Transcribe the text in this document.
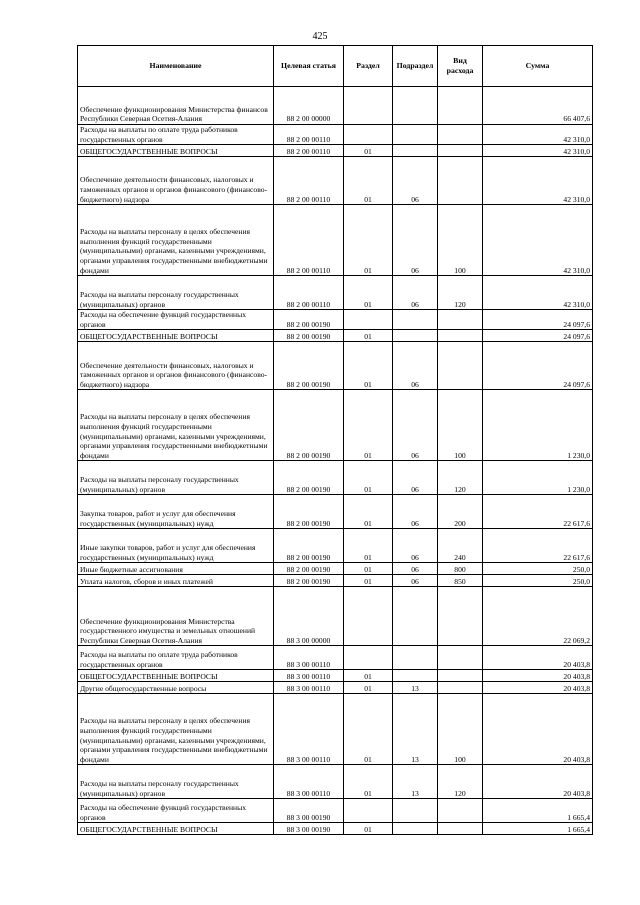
425
Наименование	Целевая статья	Раздел	Подраздел	Вид расхода	Сумма
Обеспечение функционирования Министерства финансов Республики Северная Осетия-Алания	88 2 00 00000				66 407,6
Расходы на выплаты по оплате труда работников государственных органов	88 2 00 00110				42 310,0
ОБЩЕГОСУДАРСТВЕННЫЕ ВОПРОСЫ	88 2 00 00110	01			42 310,0
Обеспечение деятельности финансовых, налоговых и таможенных органов и органов финансового (финансово-бюджетного) надзора	88 2 00 00110	01	06		42 310,0
Расходы на выплаты персоналу в целях обеспечения выполнения функций государственными (муниципальными) органами, казенными учреждениями, органами управления государственными внебюджетными фондами	88 2 00 00110	01	06	100	42 310,0
Расходы на выплаты персоналу государственных (муниципальных) органов	88 2 00 00110	01	06	120	42 310,0
Расходы на обеспечение функций государственных органов	88 2 00 00190				24 097,6
ОБЩЕГОСУДАРСТВЕННЫЕ ВОПРОСЫ	88 2 00 00190	01			24 097,6
Обеспечение деятельности финансовых, налоговых и таможенных органов и органов финансового (финансово-бюджетного) надзора	88 2 00 00190	01	06		24 097,6
Расходы на выплаты персоналу в целях обеспечения выполнения функций государственными (муниципальными) органами, казенными учреждениями, органами управления государственными внебюджетными фондами	88 2 00 00190	01	06	100	1 230,0
Расходы на выплаты персоналу государственных (муниципальных) органов	88 2 00 00190	01	06	120	1 230,0
Закупка товаров, работ и услуг для обеспечения государственных (муниципальных) нужд	88 2 00 00190	01	06	200	22 617,6
Иные закупки товаров, работ и услуг для обеспечения государственных (муниципальных) нужд	88 2 00 00190	01	06	240	22 617,6
Иные бюджетные ассигнования	88 2 00 00190	01	06	800	250,0
Уплата налогов, сборов и иных платежей	88 2 00 00190	01	06	850	250,0
Обеспечение функционирования Министерства государственного имущества и земельных отношений Республики Северная Осетия-Алания	88 3 00 00000				22 069,2
Расходы на выплаты по оплате труда работников государственных органов	88 3 00 00110				20 403,8
ОБЩЕГОСУДАРСТВЕННЫЕ ВОПРОСЫ	88 3 00 00110	01			20 403,8
Другие общегосударственные вопросы	88 3 00 00110	01	13		20 403,8
Расходы на выплаты персоналу в целях обеспечения выполнения функций государственными (муниципальными) органами, казенными учреждениями, органами управления государственными внебюджетными фондами	88 3 00 00110	01	13	100	20 403,8
Расходы на выплаты персоналу государственных (муниципальных) органов	88 3 00 00110	01	13	120	20 403,8
Расходы на обеспечение функций государственных органов	88 3 00 00190				1 665,4
ОБЩЕГОСУДАРСТВЕННЫЕ ВОПРОСЫ	88 3 00 00190	01			1 665,4
